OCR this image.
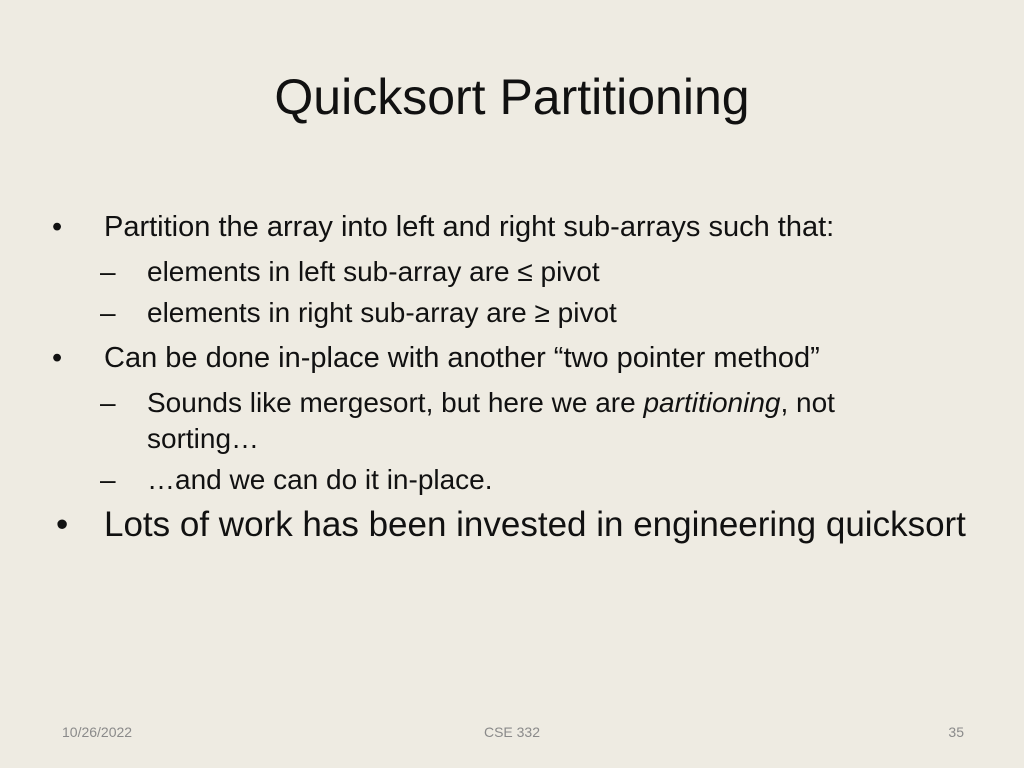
Quicksort Partitioning
•	Partition the array into left and right sub-arrays such that:
–	elements in left sub-array are ≤ pivot
–	elements in right sub-array are ≥ pivot
•	Can be done in-place with another “two pointer method”
–	Sounds like mergesort, but here we are partitioning, not sorting…
–	…and we can do it in-place.
• Lots of work has been invested in engineering quicksort
10/26/2022	CSE 332	35
